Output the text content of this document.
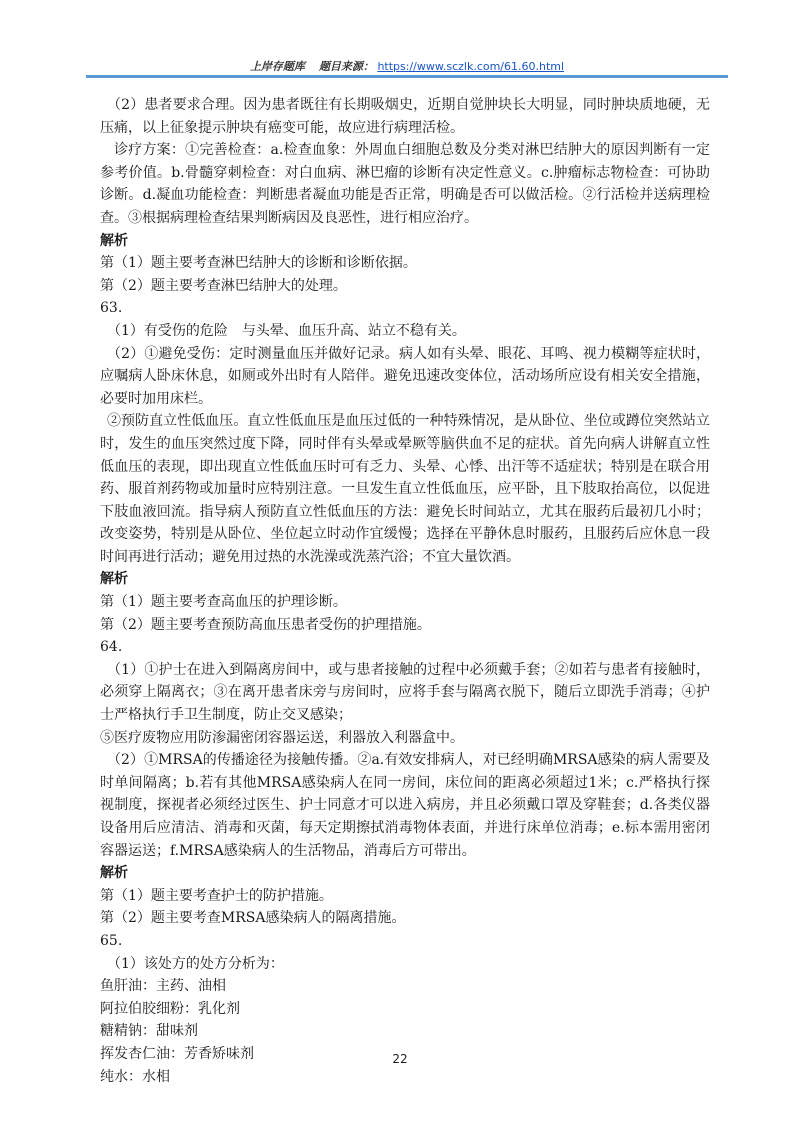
上岸存题库 题目来源： https://www.sczlk.com/61.60.html

（2）患者要求合理。因为患者既往有长期吸烟史，近期自觉肿块长大明显，同时肿块质地硬，无压痛，以上征象提示肿块有癌变可能，故应进行病理活检。

诊疗方案：①完善检查：a.检查血象：外周血白细胞总数及分类对淋巴结肿大的原因判断有一定参考价值。b.骨髓穿刺检查：对白血病、淋巴瘤的诊断有决定性意义。c.肿瘤标志物检查：可协助诊断。d.凝血功能检查：判断患者凝血功能是否正常，明确是否可以做活检。②行活检并送病理检查。③根据病理检查结果判断病因及良恶性，进行相应治疗。

解析

第（1）题主要考查淋巴结肿大的诊断和诊断依据。

第（2）题主要考查淋巴结肿大的处理。

63.

（1）有受伤的危险　与头晕、血压升高、站立不稳有关。

（2）①避免受伤：定时测量血压并做好记录。病人如有头晕、眼花、耳鸣、视力模糊等症状时，应嘱病人卧床休息，如厕或外出时有人陪伴。避免迅速改变体位，活动场所应设有相关安全措施，必要时加用床栏。

②预防直立性低血压。直立性低血压是血压过低的一种特殊情况，是从卧位、坐位或蹲位突然站立时，发生的血压突然过度下降，同时伴有头晕或晕厥等脑供血不足的症状。首先向病人讲解直立性低血压的表现，即出现直立性低血压时可有乏力、头晕、心悸、出汗等不适症状；特别是在联合用药、服首剂药物或加量时应特别注意。一旦发生直立性低血压，应平卧，且下肢取抬高位，以促进下肢血液回流。指导病人预防直立性低血压的方法：避免长时间站立，尤其在服药后最初几小时；改变姿势，特别是从卧位、坐位起立时动作宜缓慢；选择在平静休息时服药，且服药后应休息一段时间再进行活动；避免用过热的水洗澡或洗蒸汽浴；不宜大量饮酒。

解析

第（1）题主要考查高血压的护理诊断。

第（2）题主要考查预防高血压患者受伤的护理措施。

64.

（1）①护士在进入到隔离房间中，或与患者接触的过程中必须戴手套；②如若与患者有接触时，必须穿上隔离衣；③在离开患者床旁与房间时，应将手套与隔离衣脱下，随后立即洗手消毒；④护士严格执行手卫生制度，防止交叉感染；

⑤医疗废物应用防渗漏密闭容器运送，利器放入利器盒中。

（2）①MRSA的传播途径为接触传播。②a.有效安排病人，对已经明确MRSA感染的病人需要及时单间隔离；b.若有其他MRSA感染病人在同一房间，床位间的距离必须超过1米；c.严格执行探视制度，探视者必须经过医生、护士同意才可以进入病房，并且必须戴口罩及穿鞋套；d.各类仪器设备用后应清洁、消毒和灭菌，每天定期擦拭消毒物体表面，并进行床单位消毒；e.标本需用密闭容器运送；f.MRSA感染病人的生活物品，消毒后方可带出。

解析

第（1）题主要考查护士的防护措施。

第（2）题主要考查MRSA感染病人的隔离措施。

65.

（1）该处方的处方分析为：

鱼肝油：主药、油相

阿拉伯胶细粉：乳化剂

糖精钠：甜味剂

挥发杏仁油：芳香矫味剂

纯水：水相

22
